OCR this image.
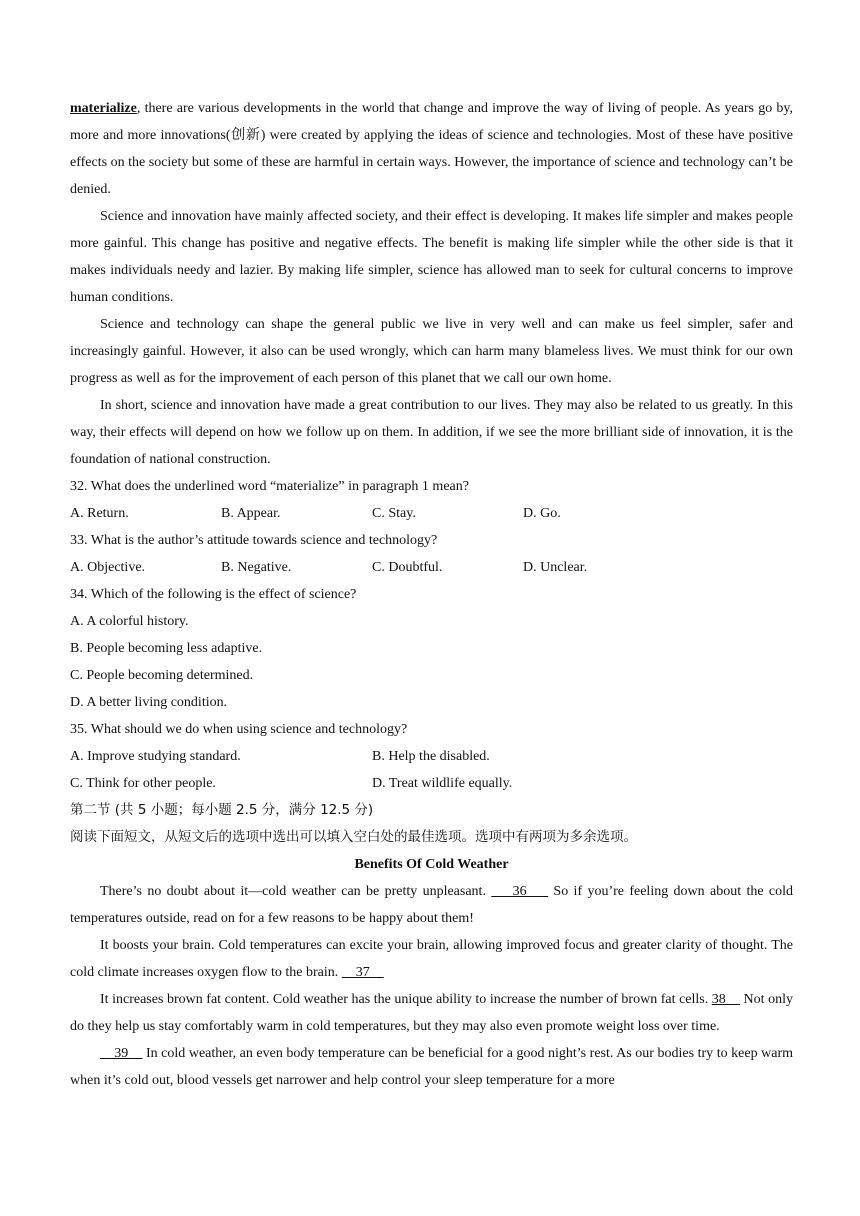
materialize, there are various developments in the world that change and improve the way of living of people. As years go by, more and more innovations(创新) were created by applying the ideas of science and technologies. Most of these have positive effects on the society but some of these are harmful in certain ways. However, the importance of science and technology can’t be denied.

Science and innovation have mainly affected society, and their effect is developing. It makes life simpler and makes people more gainful. This change has positive and negative effects. The benefit is making life simpler while the other side is that it makes individuals needy and lazier. By making life simpler, science has allowed man to seek for cultural concerns to improve human conditions.

Science and technology can shape the general public we live in very well and can make us feel simpler, safer and increasingly gainful. However, it also can be used wrongly, which can harm many blameless lives. We must think for our own progress as well as for the improvement of each person of this planet that we call our own home.

In short, science and innovation have made a great contribution to our lives. They may also be related to us greatly. In this way, their effects will depend on how we follow up on them. In addition, if we see the more brilliant side of innovation, it is the foundation of national construction.

32. What does the underlined word “materialize” in paragraph 1 mean?

A. Return.	B. Appear.	C. Stay.	D. Go.

33. What is the author’s attitude towards science and technology?

A. Objective.	B. Negative.	C. Doubtful.	D. Unclear.

34. Which of the following is the effect of science?

A. A colorful history.

B. People becoming less adaptive.

C. People becoming determined.

D. A better living condition.

35. What should we do when using science and technology?

A. Improve studying standard.	B. Help the disabled.
C. Think for other people.	D. Treat wildlife equally.

第二节 (共 5 小题；每小题 2.5 分，满分 12.5 分)

阅读下面短文，从短文后的选项中选出可以填入空白处的最佳选项。选项中有两项为多余选项。

Benefits Of Cold Weather

There’s no doubt about it—cold weather can be pretty unpleasant.     36     So if you’re feeling down about the cold temperatures outside, read on for a few reasons to be happy about them!

It boosts your brain. Cold temperatures can excite your brain, allowing improved focus and greater clarity of thought. The cold climate increases oxygen flow to the brain.     37

It increases brown fat content. Cold weather has the unique ability to increase the number of brown fat cells. 38     Not only do they help us stay comfortably warm in cold temperatures, but they may also even promote weight loss over time.

39     In cold weather, an even body temperature can be beneficial for a good night’s rest. As our bodies try to keep warm when it’s cold out, blood vessels get narrower and help control your sleep temperature for a more
